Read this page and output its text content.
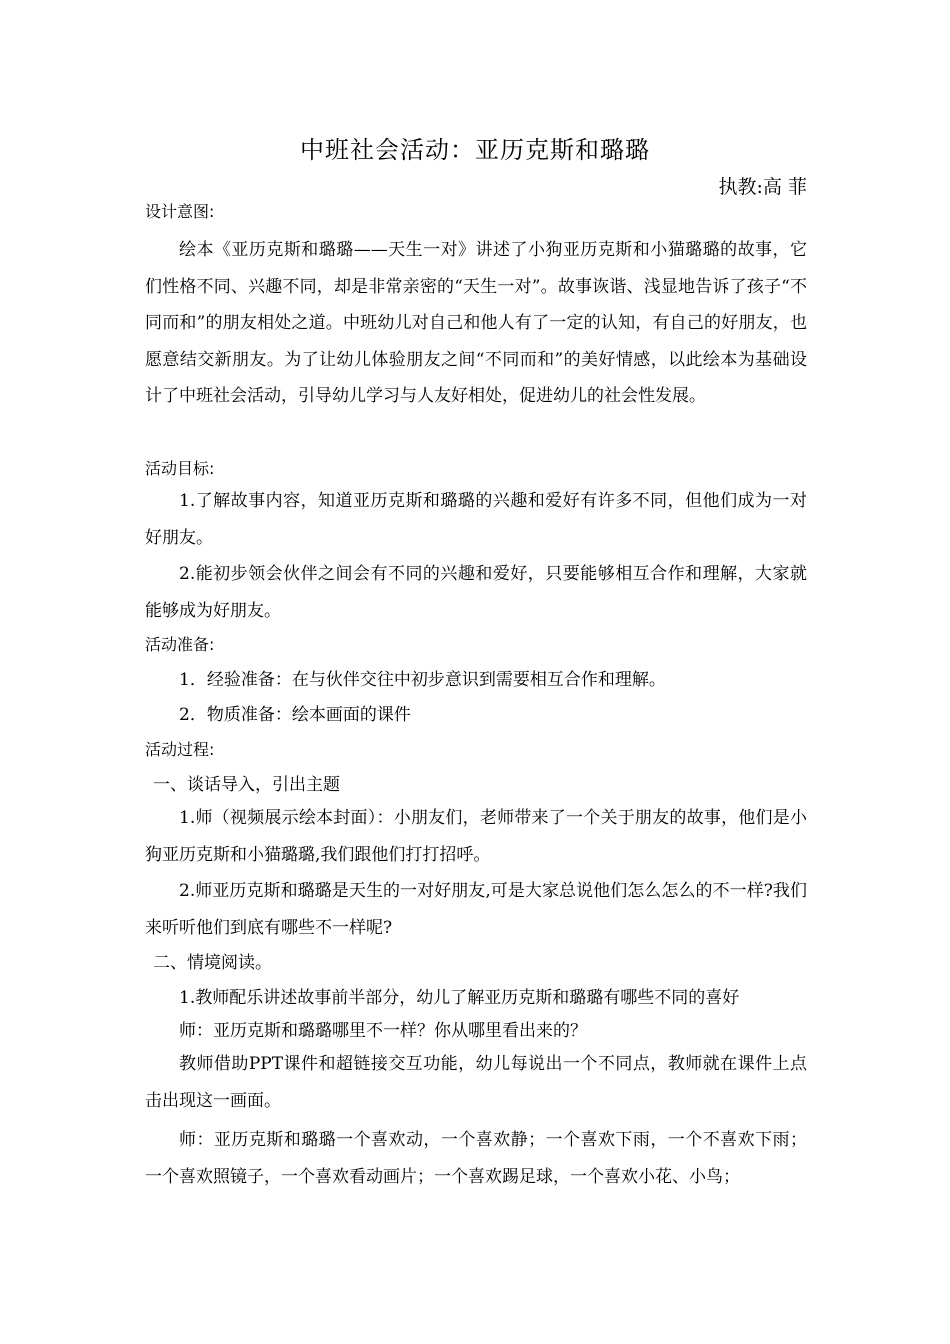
中班社会活动：亚历克斯和璐璐
执教:高 菲
设计意图:

绘本《亚历克斯和璐璐——天生一对》讲述了小狗亚历克斯和小猫璐璐的故事，它们性格不同、兴趣不同，却是非常亲密的“天生一对”。故事诙谐、浅显地告诉了孩子“不同而和”的朋友相处之道。中班幼儿对自己和他人有了一定的认知，有自己的好朋友，也愿意结交新朋友。为了让幼儿体验朋友之间“不同而和”的美好情感，以此绘本为基础设计了中班社会活动，引导幼儿学习与人友好相处，促进幼儿的社会性发展。

活动目标:

1.了解故事内容，知道亚历克斯和璐璐的兴趣和爱好有许多不同，但他们成为一对好朋友。

2.能初步领会伙伴之间会有不同的兴趣和爱好，只要能够相互合作和理解，大家就能够成为好朋友。

活动准备:
1．经验准备：在与伙伴交往中初步意识到需要相互合作和理解。
2．物质准备：绘本画面的课件
活动过程:
一、谈话导入，引出主题

1.师（视频展示绘本封面）：小朋友们，老师带来了一个关于朋友的故事，他们是小狗亚历克斯和小猫璐璐,我们跟他们打打招呼。

2.师亚历克斯和璐璐是天生的一对好朋友,可是大家总说他们怎么怎么的不一样?我们来听听他们到底有哪些不一样呢?

二、情境阅读。
1.教师配乐讲述故事前半部分，幼儿了解亚历克斯和璐璐有哪些不同的喜好
师：亚历克斯和璐璐哪里不一样？你从哪里看出来的？

教师借助PPT课件和超链接交互功能，幼儿每说出一个不同点，教师就在课件上点击出现这一画面。

师：亚历克斯和璐璐一个喜欢动，一个喜欢静；一个喜欢下雨，一个不喜欢下雨；一个喜欢照镜子，一个喜欢看动画片；一个喜欢踢足球，一个喜欢小花、小鸟；
